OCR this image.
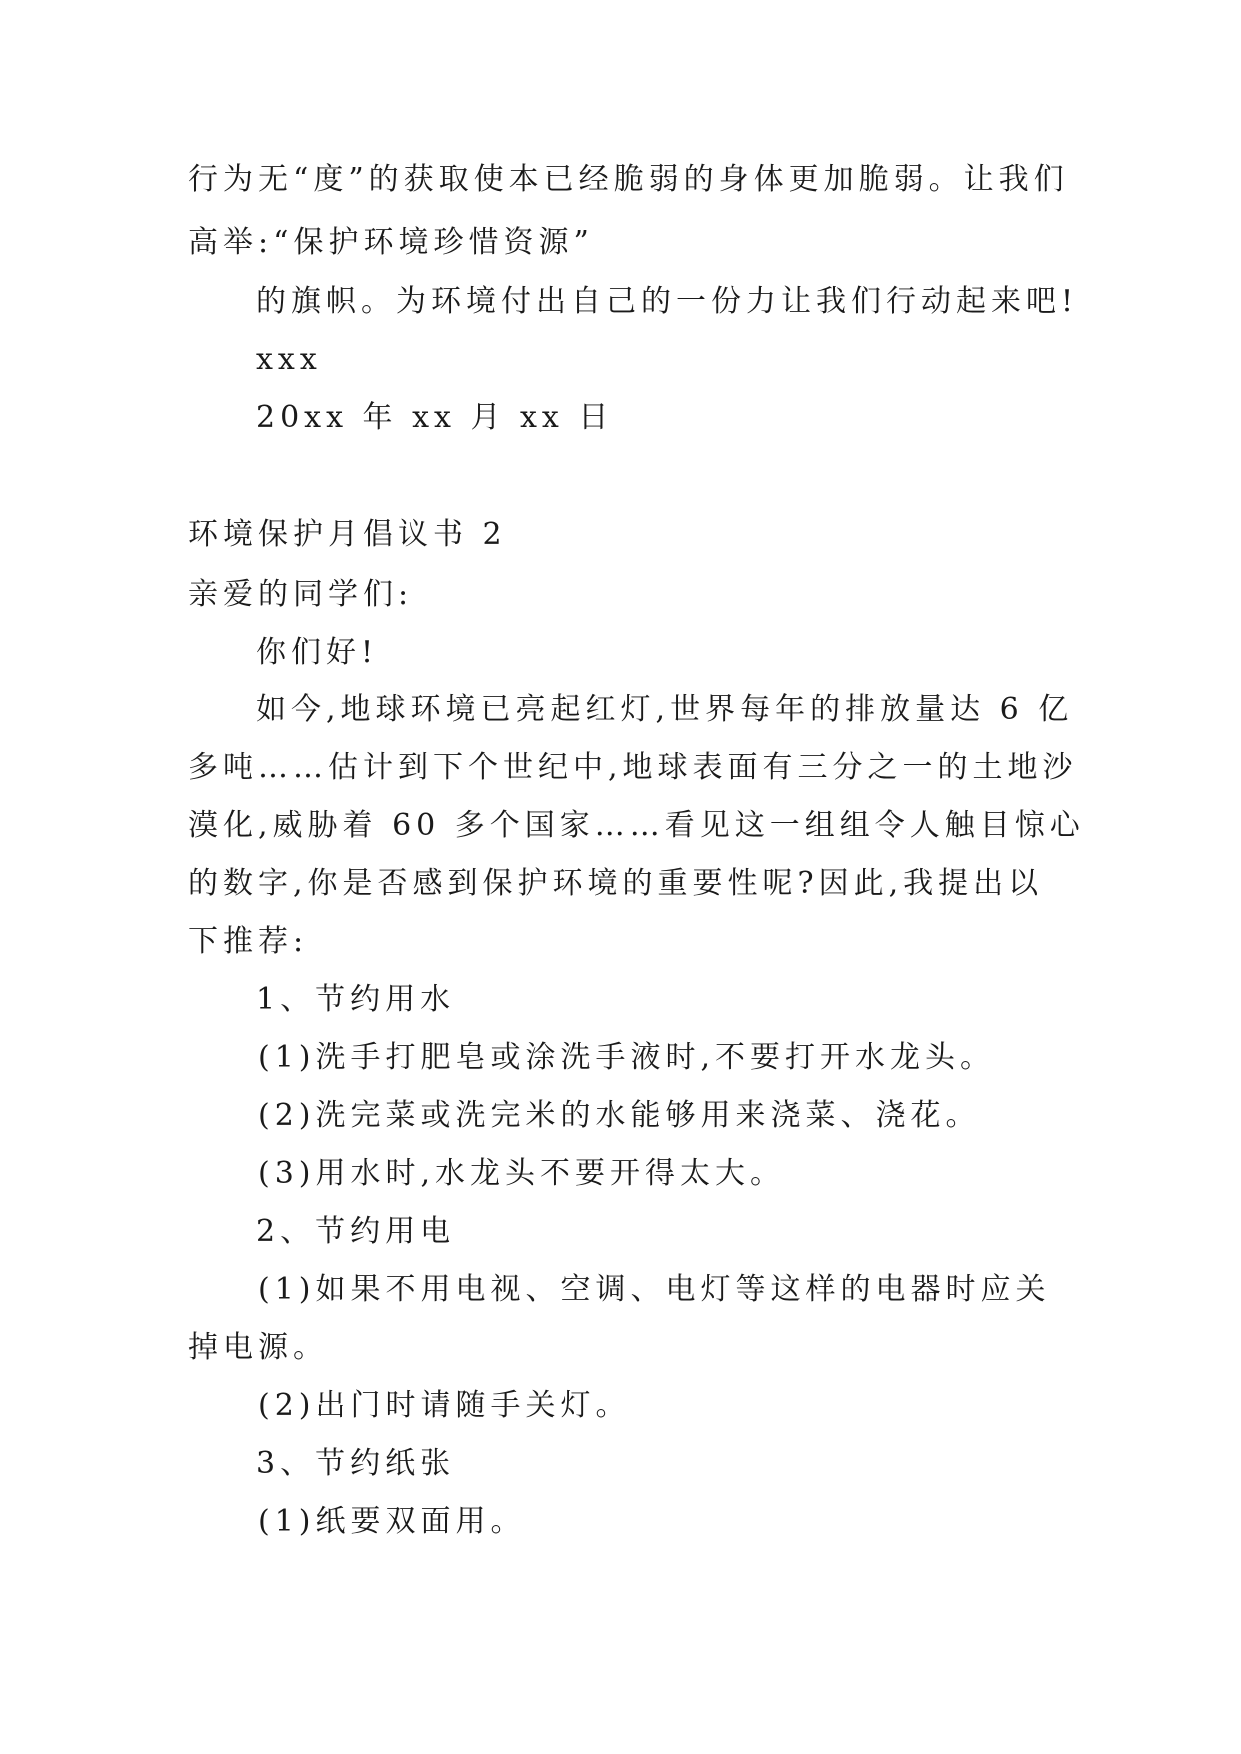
行为无“度”的获取使本已经脆弱的身体更加脆弱。让我们
高举:“保护环境珍惜资源”
的旗帜。为环境付出自己的一份力让我们行动起来吧!
xxx
20xx 年 xx 月 xx 日
环境保护月倡议书 2
亲爱的同学们:
你们好!
如今,地球环境已亮起红灯,世界每年的排放量达 6 亿
多吨……估计到下个世纪中,地球表面有三分之一的土地沙
漠化,威胁着 60 多个国家……看见这一组组令人触目惊心
的数字,你是否感到保护环境的重要性呢?因此,我提出以
下推荐:
1、节约用水
(1)洗手打肥皂或涂洗手液时,不要打开水龙头。
(2)洗完菜或洗完米的水能够用来浇菜、浇花。
(3)用水时,水龙头不要开得太大。
2、节约用电
(1)如果不用电视、空调、电灯等这样的电器时应关
掉电源。
(2)出门时请随手关灯。
3、节约纸张
(1)纸要双面用。
